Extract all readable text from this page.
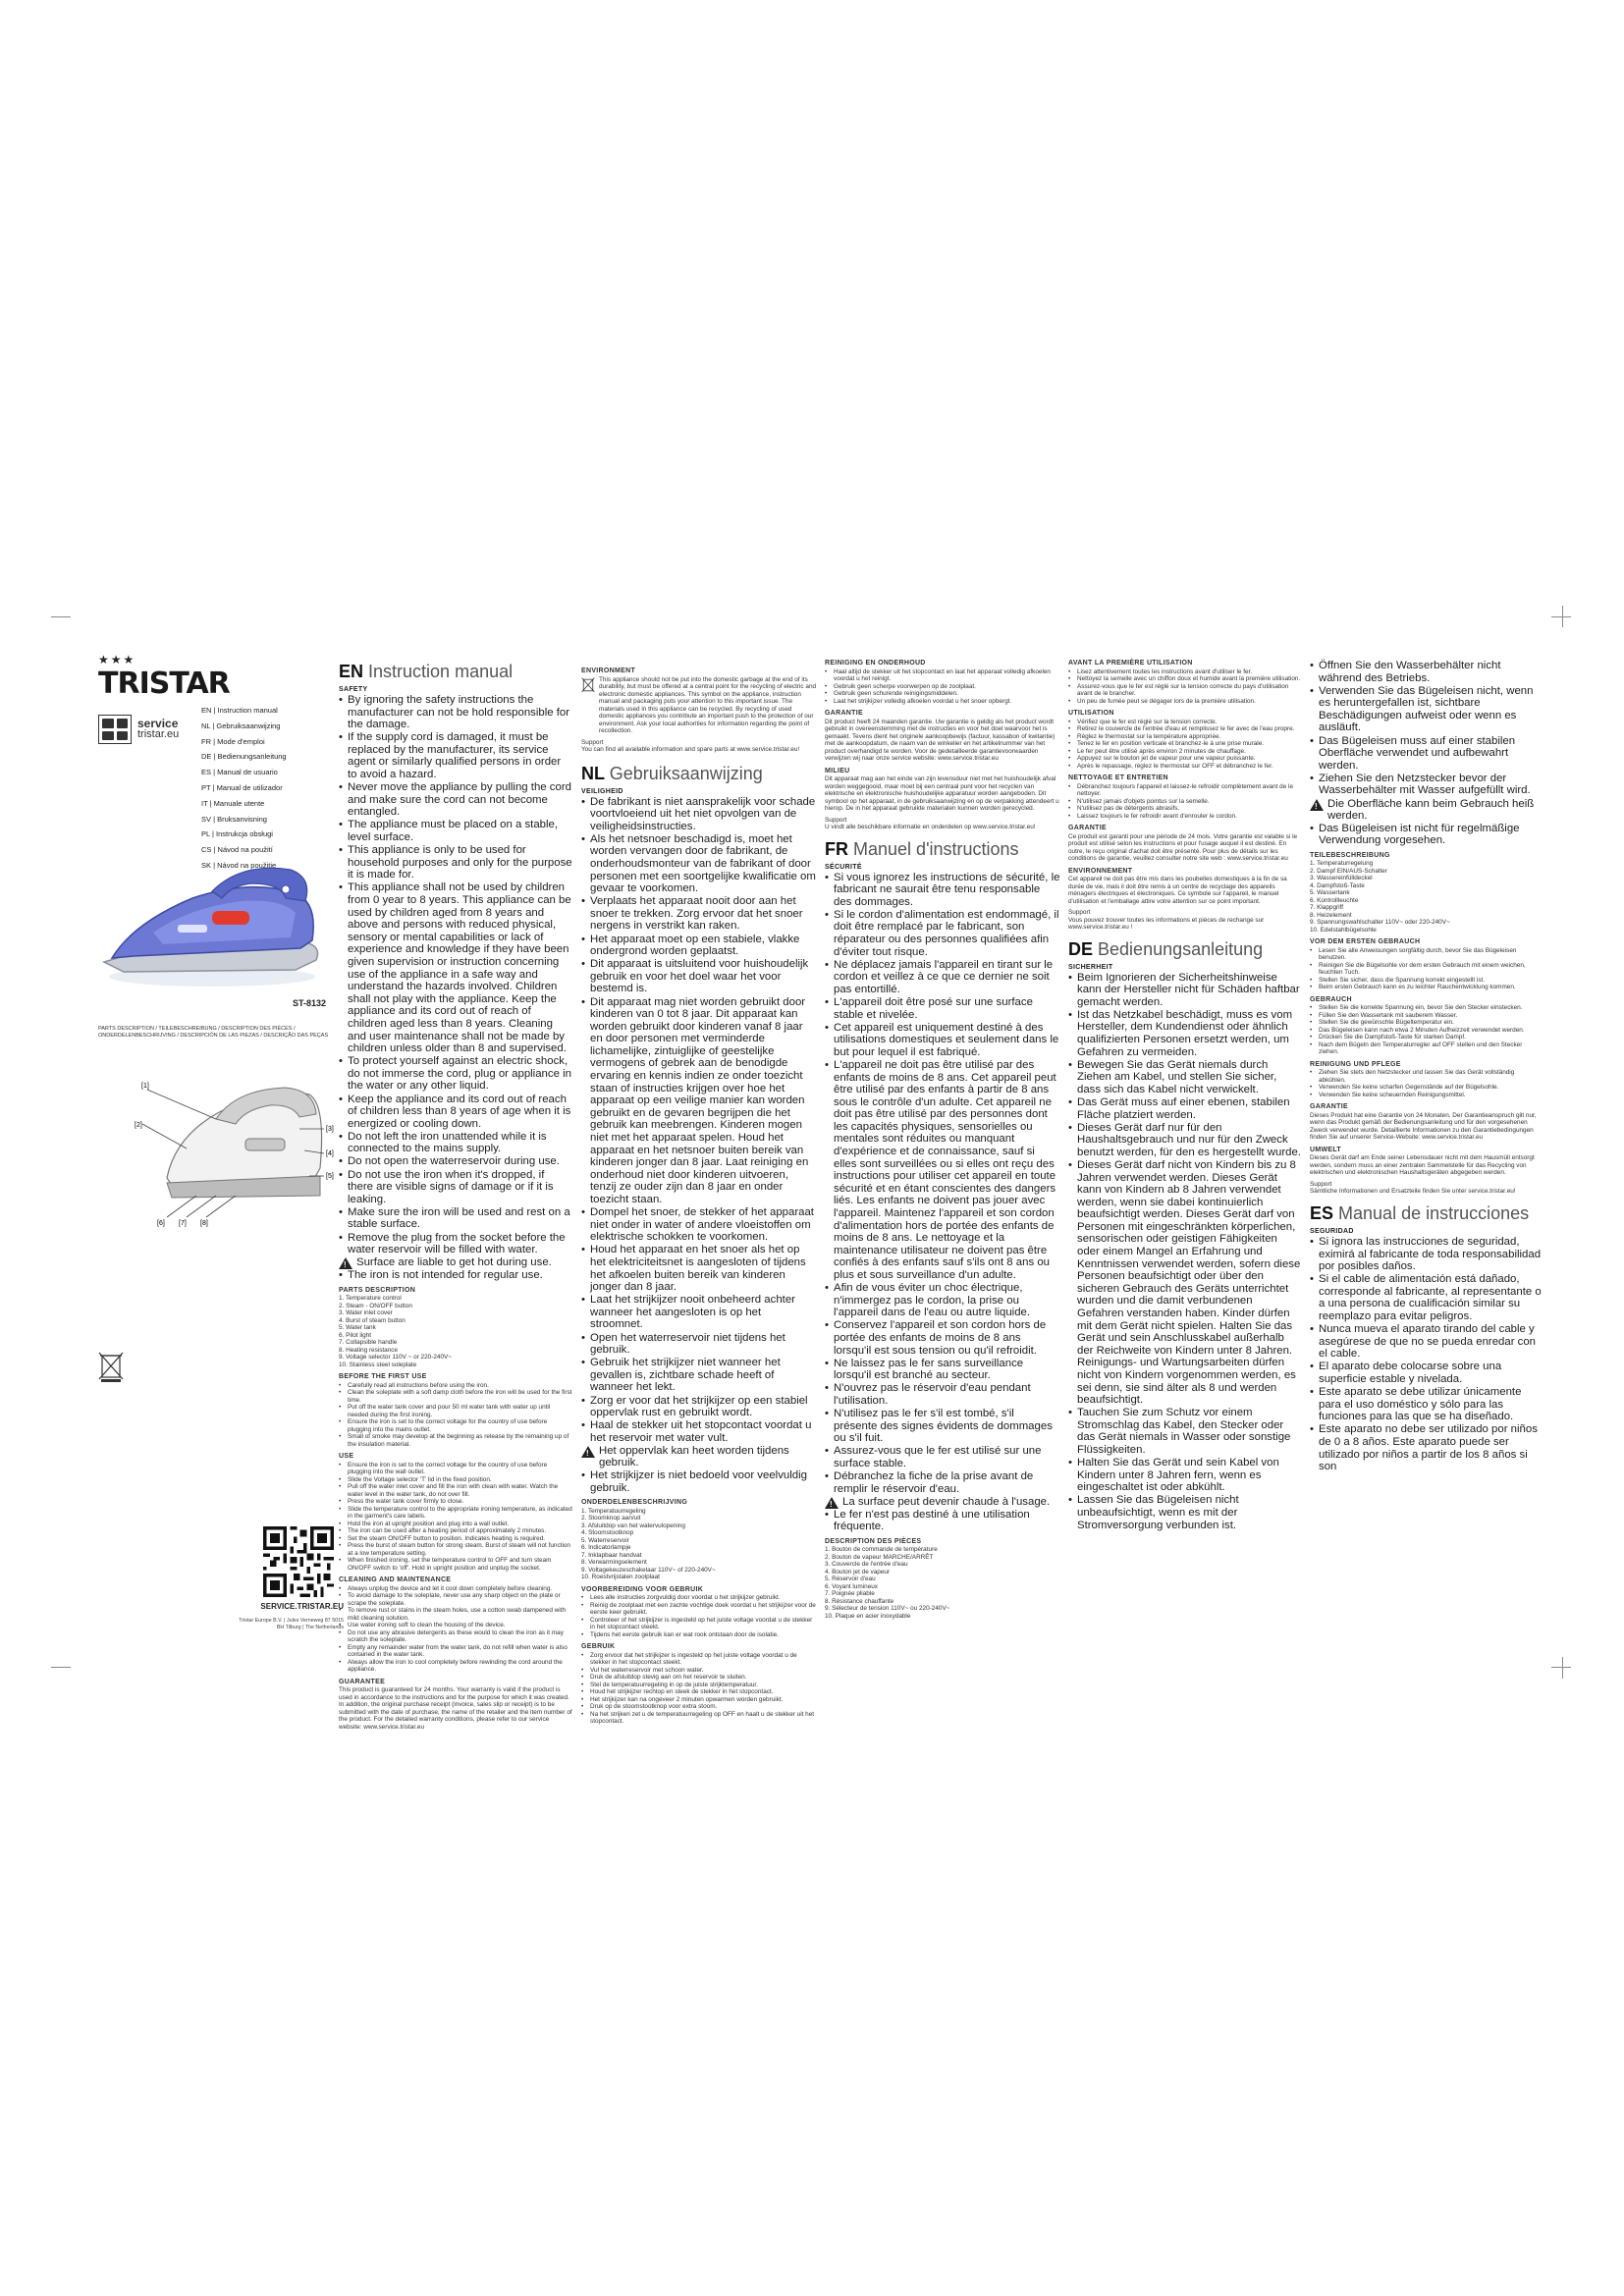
★★★
TRISTAR
service
tristar.eu
EN | Instruction manual
NL | Gebruiksaanwijzing
FR | Mode d'emploi
DE | Bedienungsanleitung
ES | Manual de usuario
PT | Manual de utilizador
IT | Manuale utente
SV | Bruksanvisning
PL | Instrukcja obsługi
CS | Návod na použití
SK | Návod na použitie
ST-8132
PARTS DESCRIPTION / TEILEBESCHREIBUNG / DESCRIPTION DES PIÈCES / ONDERDELENBESCHRIJVING / DESCRIPCIÓN DE LAS PIEZAS / DESCRIÇÃO DAS PEÇAS
[1]
[2]
[3]
[4]
[5]
[6] [7] [8]
SERVICE.TRISTAR.EU
Tristar Europe B.V. | Jules Verneweg 87 5015 BH Tilburg | The Netherlands
EN Instruction manual
SAFETY
• By ignoring the safety instructions the manufacturer can not be hold responsible for the damage.
• If the supply cord is damaged, it must be replaced by the manufacturer, its service agent or similarly qualified persons in order to avoid a hazard.
• Never move the appliance by pulling the cord and make sure the cord can not become entangled.
• The appliance must be placed on a stable, level surface.
• This appliance is only to be used for household purposes and only for the purpose it is made for.
• This appliance shall not be used by children from 0 year to 8 years. This appliance can be used by children aged from 8 years and above and persons with reduced physical, sensory or mental capabilities or lack of experience and knowledge if they have been given supervision or instruction concerning use of the appliance in a safe way and understand the hazards involved. Children shall not play with the appliance. Keep the appliance and its cord out of reach of children aged less than 8 years. Cleaning and user maintenance shall not be made by children unless older than 8 and supervised.
• To protect yourself against an electric shock, do not immerse the cord, plug or appliance in the water or any other liquid.
• Keep the appliance and its cord out of reach of children less than 8 years of age when it is energized or cooling down.
• Do not left the iron unattended while it is connected to the mains supply.
• Do not open the waterreservoir during use.
• Do not use the iron when it's dropped, if there are visible signs of damage or if it is leaking.
• Make sure the iron will be used and rest on a stable surface.
• Remove the plug from the socket before the water reservoir will be filled with water.
!
Surface are liable to get hot during use.
• The iron is not intended for regular use.
PARTS DESCRIPTION

1. Temperature control

2. Steam - ON/OFF button

3. Water inlet cover

4. Burst of steam button

5. Water tank

6. Pilot light

7. Collapsible handle

8. Heating resistance

9. Voltage selector 110V ~ or 220-240V~

10. Stainless steel soleplate

BEFORE THE FIRST USE
• Carefully read all instructions before using the iron.
• Clean the soleplate with a soft damp cloth before the iron will be used for the first time.
• Put off the water tank cover and pour 50 ml water tank with water up until needed during the first ironing.
• Ensure the iron is set to the correct voltage for the country of use before plugging into the mains outlet.
• Small of smoke may develop at the beginning as release by the remaining up of the insulation material.
USE
• Ensure the iron is set to the correct voltage for the country of use before plugging into the wall outlet.
• Slide the Voltage selector 'T' lid in the fixed position.
• Pull off the water inlet cover and fill the iron with clean with water. Watch the water level in the water tank, do not over fill.
• Press the water tank cover firmly to close.
• Slide the temperature control to the appropriate ironing temperature, as indicated in the garment's care labels.
• Hold the iron at upright position and plug into a wall outlet.
• The iron can be used after a heating period of approximately 2 minutes.
• Set the steam ON/OFF button to position. Indicates heating is required.
• Press the burst of steam button for strong steam. Burst of steam will not function at a low temperature setting.
• When finished ironing, set the temperature control to OFF and turn steam ON/OFF switch to 'off'. Hold in upright position and unplug the socket.
CLEANING AND MAINTENANCE
• Always unplug the device and let it cool down completely before cleaning.
• To avoid damage to the soleplate, never use any sharp object on the plate or scrape the soleplate.
• To remove rust or stains in the steam holes, use a cotton swab dampened with mild cleaning solution.
• Use water ironing soft to clean the housing of the device.
• Do not use any abrasive detergents as these would to clean the iron as it may scratch the soleplate.
• Empty any remainder water from the water tank, do not refill when water is also contained in the water tank.
• Always allow the iron to cool completely before rewinding the cord around the appliance.
GUARANTEE

This product is guaranteed for 24 months. Your warranty is valid if the product is used in accordance to the instructions and for the purpose for which it was created. In addition, the original purchase receipt (invoice, sales slip or receipt) is to be submitted with the date of purchase, the name of the retailer and the item number of the product. For the detailed warranty conditions, please refer to our service website: www.service.tristar.eu

ENVIRONMENT

This appliance should not be put into the domestic garbage at the end of its durability, but must be offered at a central point for the recycling of electric and electronic domestic appliances. This symbol on the appliance, instruction manual and packaging puts your attention to this important issue. The materials used in this appliance can be recycled. By recycling of used domestic appliances you contribute an important push to the protection of our environment. Ask your local authorities for information regarding the point of recollection.

Support

You can find all available information and spare parts at www.service.tristar.eu!

NL Gebruiksaanwijzing
VEILIGHEID
• De fabrikant is niet aansprakelijk voor schade voortvloeiend uit het niet opvolgen van de veiligheidsinstructies.
• Als het netsnoer beschadigd is, moet het worden vervangen door de fabrikant, de onderhoudsmonteur van de fabrikant of door personen met een soortgelijke kwalificatie om gevaar te voorkomen.
• Verplaats het apparaat nooit door aan het snoer te trekken. Zorg ervoor dat het snoer nergens in verstrikt kan raken.
• Het apparaat moet op een stabiele, vlakke ondergrond worden geplaatst.
• Dit apparaat is uitsluitend voor huishoudelijk gebruik en voor het doel waar het voor bestemd is.
• Dit apparaat mag niet worden gebruikt door kinderen van 0 tot 8 jaar. Dit apparaat kan worden gebruikt door kinderen vanaf 8 jaar en door personen met verminderde lichamelijke, zintuiglijke of geestelijke vermogens of gebrek aan de benodigde ervaring en kennis indien ze onder toezicht staan of instructies krijgen over hoe het apparaat op een veilige manier kan worden gebruikt en de gevaren begrijpen die het gebruik kan meebrengen. Kinderen mogen niet met het apparaat spelen. Houd het apparaat en het netsnoer buiten bereik van kinderen jonger dan 8 jaar. Laat reiniging en onderhoud niet door kinderen uitvoeren, tenzij ze ouder zijn dan 8 jaar en onder toezicht staan.
• Dompel het snoer, de stekker of het apparaat niet onder in water of andere vloeistoffen om elektrische schokken te voorkomen.
• Houd het apparaat en het snoer als het op het elektriciteitsnet is aangesloten of tijdens het afkoelen buiten bereik van kinderen jonger dan 8 jaar.
• Laat het strijkijzer nooit onbeheerd achter wanneer het aangesloten is op het stroomnet.
• Open het waterreservoir niet tijdens het gebruik.
• Gebruik het strijkijzer niet wanneer het gevallen is, zichtbare schade heeft of wanneer het lekt.
• Zorg er voor dat het strijkijzer op een stabiel oppervlak rust en gebruikt wordt.
• Haal de stekker uit het stopcontact voordat u het reservoir met water vult.
!
Het oppervlak kan heet worden tijdens gebruik.
• Het strijkijzer is niet bedoeld voor veelvuldig gebruik.
ONDERDELENBESCHRIJVING

1. Temperatuurregeling

2. Stoomknop aan/uit

3. Afsluitdop van het watervulopening

4. Stoomstootknop

5. Waterreservoir

6. Indicatorlampje

7. Inklapbaar handvat

8. Verwarmingselement

9. Voltagekeuzeschakelaar 110V~ of 220-240V~

10. Roestvrijstalen zoolplaat

VOORBEREIDING VOOR GEBRUIK
• Lees alle instructies zorgvuldig door voordat u het strijkijzer gebruikt.
• Reinig de zoolplaat met een zachte vochtige doek voordat u het strijkijzer voor de eerste keer gebruikt.
• Controleer of het strijkijzer is ingesteld op het juiste voltage voordat u de stekker in het stopcontact steekt.
• Tijdens het eerste gebruik kan er wat rook ontstaan door de isolatie.
GEBRUIK
• Zorg ervoor dat het strijkijzer is ingesteld op het juiste voltage voordat u de stekker in het stopcontact steekt.
• Vul het waterreservoir met schoon water.
• Druk de afsluitdop stevig aan om het reservoir te sluiten.
• Stel de temperatuurregeling in op de juiste strijktemperatuur.
• Houd het strijkijzer rechtop en steek de stekker in het stopcontact.
• Het strijkijzer kan na ongeveer 2 minuten opwarmen worden gebruikt.
• Druk op de stoomstootknop voor extra stoom.
• Na het strijken zet u de temperatuurregeling op OFF en haalt u de stekker uit het stopcontact.
REINIGING EN ONDERHOUD
• Haal altijd de stekker uit het stopcontact en laat het apparaat volledig afkoelen voordat u het reinigt.
• Gebruik geen scherpe voorwerpen op de zoolplaat.
• Gebruik geen schurende reinigingsmiddelen.
• Laat het strijkijzer volledig afkoelen voordat u het snoer opbergt.
GARANTIE

Dit product heeft 24 maanden garantie. Uw garantie is geldig als het product wordt gebruikt in overeenstemming met de instructies en voor het doel waarvoor het is gemaakt. Tevens dient het originele aankoopbewijs (factuur, kassabon of kwitantie) met de aankoopdatum, de naam van de winkelier en het artikelnummer van het product overhandigd te worden. Voor de gedetailleerde garantievoorwaarden verwijzen wij naar onze service website: www.service.tristar.eu

MILIEU

Dit apparaat mag aan het einde van zijn levensduur niet met het huishoudelijk afval worden weggegooid, maar moet bij een centraal punt voor het recyclen van elektrische en elektronische huishoudelijke apparatuur worden aangeboden. Dit symbool op het apparaat, in de gebruiksaanwijzing en op de verpakking attendeert u hierop. De in het apparaat gebruikte materialen kunnen worden gerecycled.

Support

U vindt alle beschikbare informatie en onderdelen op www.service.tristar.eu!

FR Manuel d'instructions
SÉCURITÉ
• Si vous ignorez les instructions de sécurité, le fabricant ne saurait être tenu responsable des dommages.
• Si le cordon d'alimentation est endommagé, il doit être remplacé par le fabricant, son réparateur ou des personnes qualifiées afin d'éviter tout risque.
• Ne déplacez jamais l'appareil en tirant sur le cordon et veillez à ce que ce dernier ne soit pas entortillé.
• L'appareil doit être posé sur une surface stable et nivelée.
• Cet appareil est uniquement destiné à des utilisations domestiques et seulement dans le but pour lequel il est fabriqué.
• L'appareil ne doit pas être utilisé par des enfants de moins de 8 ans. Cet appareil peut être utilisé par des enfants à partir de 8 ans sous le contrôle d'un adulte. Cet appareil ne doit pas être utilisé par des personnes dont les capacités physiques, sensorielles ou mentales sont réduites ou manquant d'expérience et de connaissance, sauf si elles sont surveillées ou si elles ont reçu des instructions pour utiliser cet appareil en toute sécurité et en étant conscientes des dangers liés. Les enfants ne doivent pas jouer avec l'appareil. Maintenez l'appareil et son cordon d'alimentation hors de portée des enfants de moins de 8 ans. Le nettoyage et la maintenance utilisateur ne doivent pas être confiés à des enfants sauf s'ils ont 8 ans ou plus et sous surveillance d'un adulte.
• Afin de vous éviter un choc électrique, n'immergez pas le cordon, la prise ou l'appareil dans de l'eau ou autre liquide.
• Conservez l'appareil et son cordon hors de portée des enfants de moins de 8 ans lorsqu'il est sous tension ou qu'il refroidit.
• Ne laissez pas le fer sans surveillance lorsqu'il est branché au secteur.
• N'ouvrez pas le réservoir d'eau pendant l'utilisation.
• N'utilisez pas le fer s'il est tombé, s'il présente des signes évidents de dommages ou s'il fuit.
• Assurez-vous que le fer est utilisé sur une surface stable.
• Débranchez la fiche de la prise avant de remplir le réservoir d'eau.
!
La surface peut devenir chaude à l'usage.
• Le fer n'est pas destiné à une utilisation fréquente.
DESCRIPTION DES PIÈCES

1. Bouton de commande de température

2. Bouton de vapeur MARCHE/ARRÊT

3. Couvercle de l'entrée d'eau

4. Bouton jet de vapeur

5. Réservoir d'eau

6. Voyant lumineux

7. Poignée pliable

8. Résistance chauffante

9. Sélecteur de tension 110V~ ou 220-240V~

10. Plaque en acier inoxydable

AVANT LA PREMIÈRE UTILISATION
• Lisez attentivement toutes les instructions avant d'utiliser le fer.
• Nettoyez la semelle avec un chiffon doux et humide avant la première utilisation.
• Assurez-vous que le fer est réglé sur la tension correcte du pays d'utilisation avant de le brancher.
• Un peu de fumée peut se dégager lors de la première utilisation.
UTILISATION
• Vérifiez que le fer est réglé sur la tension correcte.
• Retirez le couvercle de l'entrée d'eau et remplissez le fer avec de l'eau propre.
• Réglez le thermostat sur la température appropriée.
• Tenez le fer en position verticale et branchez-le à une prise murale.
• Le fer peut être utilisé après environ 2 minutes de chauffage.
• Appuyez sur le bouton jet de vapeur pour une vapeur puissante.
• Après le repassage, réglez le thermostat sur OFF et débranchez le fer.
NETTOYAGE ET ENTRETIEN
• Débranchez toujours l'appareil et laissez-le refroidir complètement avant de le nettoyer.
• N'utilisez jamais d'objets pointus sur la semelle.
• N'utilisez pas de détergents abrasifs.
• Laissez toujours le fer refroidir avant d'enrouler le cordon.
GARANTIE

Ce produit est garanti pour une période de 24 mois. Votre garantie est valable si le produit est utilisé selon les instructions et pour l'usage auquel il est destiné. En outre, le reçu original d'achat doit être présenté. Pour plus de détails sur les conditions de garantie, veuillez consulter notre site web : www.service.tristar.eu

ENVIRONNEMENT

Cet appareil ne doit pas être mis dans les poubelles domestiques à la fin de sa durée de vie, mais il doit être remis à un centre de recyclage des appareils ménagers électriques et électroniques. Ce symbole sur l'appareil, le manuel d'utilisation et l'emballage attire votre attention sur ce point important.

Support

Vous pouvez trouver toutes les informations et pièces de rechange sur www.service.tristar.eu !

DE Bedienungsanleitung
SICHERHEIT
• Beim Ignorieren der Sicherheitshinweise kann der Hersteller nicht für Schäden haftbar gemacht werden.
• Ist das Netzkabel beschädigt, muss es vom Hersteller, dem Kundendienst oder ähnlich qualifizierten Personen ersetzt werden, um Gefahren zu vermeiden.
• Bewegen Sie das Gerät niemals durch Ziehen am Kabel, und stellen Sie sicher, dass sich das Kabel nicht verwickelt.
• Das Gerät muss auf einer ebenen, stabilen Fläche platziert werden.
• Dieses Gerät darf nur für den Haushaltsgebrauch und nur für den Zweck benutzt werden, für den es hergestellt wurde.
• Dieses Gerät darf nicht von Kindern bis zu 8 Jahren verwendet werden. Dieses Gerät kann von Kindern ab 8 Jahren verwendet werden, wenn sie dabei kontinuierlich beaufsichtigt werden. Dieses Gerät darf von Personen mit eingeschränkten körperlichen, sensorischen oder geistigen Fähigkeiten oder einem Mangel an Erfahrung und Kenntnissen verwendet werden, sofern diese Personen beaufsichtigt oder über den sicheren Gebrauch des Geräts unterrichtet wurden und die damit verbundenen Gefahren verstanden haben. Kinder dürfen mit dem Gerät nicht spielen. Halten Sie das Gerät und sein Anschlusskabel außerhalb der Reichweite von Kindern unter 8 Jahren. Reinigungs- und Wartungsarbeiten dürfen nicht von Kindern vorgenommen werden, es sei denn, sie sind älter als 8 und werden beaufsichtigt.
• Tauchen Sie zum Schutz vor einem Stromschlag das Kabel, den Stecker oder das Gerät niemals in Wasser oder sonstige Flüssigkeiten.
• Halten Sie das Gerät und sein Kabel von Kindern unter 8 Jahren fern, wenn es eingeschaltet ist oder abkühlt.
• Lassen Sie das Bügeleisen nicht unbeaufsichtigt, wenn es mit der Stromversorgung verbunden ist.
• Öffnen Sie den Wasserbehälter nicht während des Betriebs.
• Verwenden Sie das Bügeleisen nicht, wenn es heruntergefallen ist, sichtbare Beschädigungen aufweist oder wenn es ausläuft.
• Das Bügeleisen muss auf einer stabilen Oberfläche verwendet und aufbewahrt werden.
• Ziehen Sie den Netzstecker bevor der Wasserbehälter mit Wasser aufgefüllt wird.
!
Die Oberfläche kann beim Gebrauch heiß werden.
• Das Bügeleisen ist nicht für regelmäßige Verwendung vorgesehen.
TEILEBESCHREIBUNG

1. Temperaturregelung

2. Dampf EIN/AUS-Schalter

3. Wassereinfülldeckel

4. Dampfstoß-Taste

5. Wassertank

6. Kontrollleuchte

7. Klappgriff

8. Heizelement

9. Spannungswahlschalter 110V~ oder 220-240V~

10. Edelstahlbügelsohle

VOR DEM ERSTEN GEBRAUCH
• Lesen Sie alle Anweisungen sorgfältig durch, bevor Sie das Bügeleisen benutzen.
• Reinigen Sie die Bügelsohle vor dem ersten Gebrauch mit einem weichen, feuchten Tuch.
• Stellen Sie sicher, dass die Spannung korrekt eingestellt ist.
• Beim ersten Gebrauch kann es zu leichter Rauchentwicklung kommen.
GEBRAUCH
• Stellen Sie die korrekte Spannung ein, bevor Sie den Stecker einstecken.
• Füllen Sie den Wassertank mit sauberem Wasser.
• Stellen Sie die gewünschte Bügeltemperatur ein.
• Das Bügeleisen kann nach etwa 2 Minuten Aufheizzeit verwendet werden.
• Drücken Sie die Dampfstoß-Taste für starken Dampf.
• Nach dem Bügeln den Temperaturregler auf OFF stellen und den Stecker ziehen.
REINIGUNG UND PFLEGE
• Ziehen Sie stets den Netzstecker und lassen Sie das Gerät vollständig abkühlen.
• Verwenden Sie keine scharfen Gegenstände auf der Bügelsohle.
• Verwenden Sie keine scheuernden Reinigungsmittel.
GARANTIE

Dieses Produkt hat eine Garantie von 24 Monaten. Der Garantieanspruch gilt nur, wenn das Produkt gemäß der Bedienungsanleitung und für den vorgesehenen Zweck verwendet wurde. Detaillierte Informationen zu den Garantiebedingungen finden Sie auf unserer Service-Website: www.service.tristar.eu

UMWELT

Dieses Gerät darf am Ende seiner Lebensdauer nicht mit dem Hausmüll entsorgt werden, sondern muss an einer zentralen Sammelstelle für das Recycling von elektrischen und elektronischen Haushaltsgeräten abgegeben werden.

Support

Sämtliche Informationen und Ersatzteile finden Sie unter service.tristar.eu!

ES Manual de instrucciones
SEGURIDAD
• Si ignora las instrucciones de seguridad, eximirá al fabricante de toda responsabilidad por posibles daños.
• Si el cable de alimentación está dañado, corresponde al fabricante, al representante o a una persona de cualificación similar su reemplazo para evitar peligros.
• Nunca mueva el aparato tirando del cable y asegúrese de que no se pueda enredar con el cable.
• El aparato debe colocarse sobre una superficie estable y nivelada.
• Este aparato se debe utilizar únicamente para el uso doméstico y sólo para las funciones para las que se ha diseñado.
• Este aparato no debe ser utilizado por niños de 0 a 8 años. Este aparato puede ser utilizado por niños a partir de los 8 años si son
